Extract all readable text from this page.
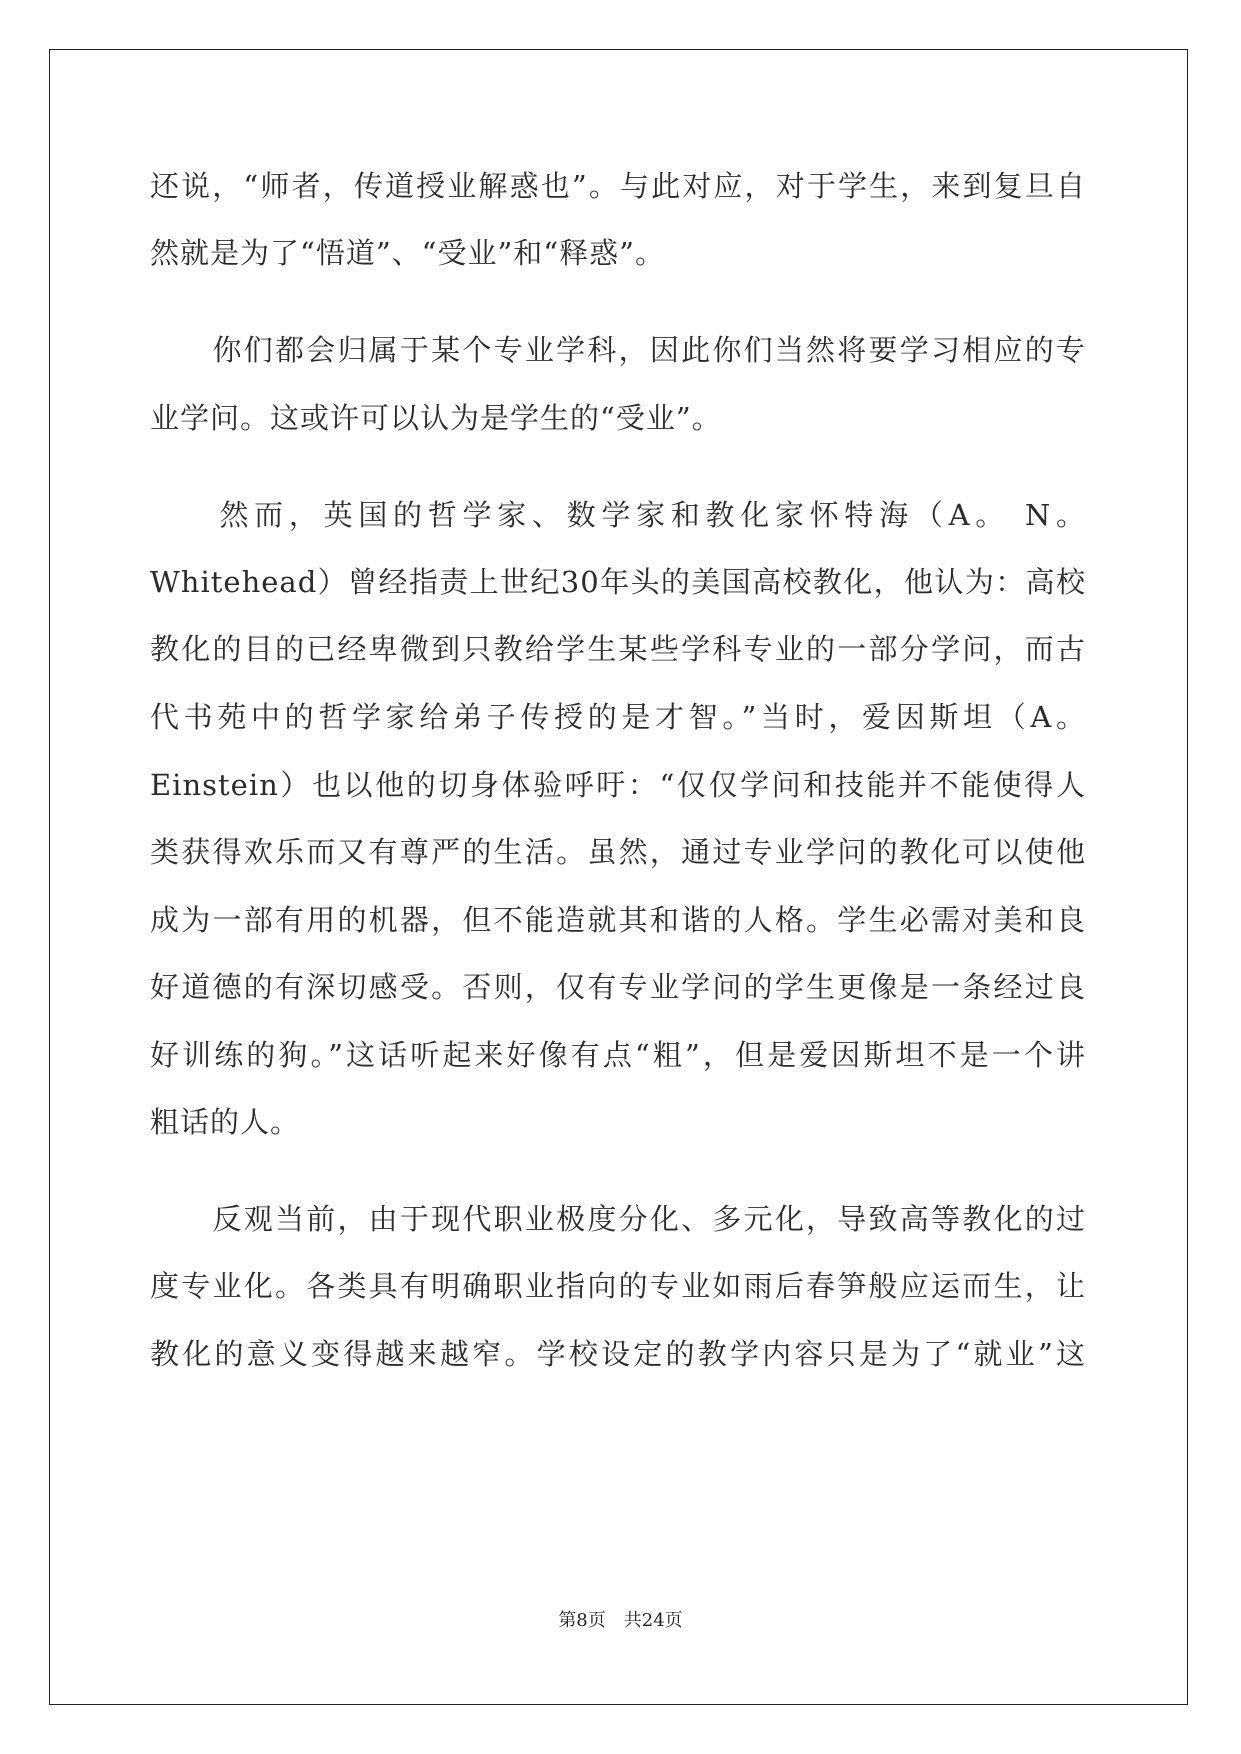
还说，“师者，传道授业解惑也”。与此对应，对于学生，来到复旦自
然就是为了“悟道”、“受业”和“释惑”。
　　你们都会归属于某个专业学科，因此你们当然将要学习相应的专
业学问。这或许可以认为是学生的“受业”。
　　然而，英国的哲学家、数学家和教化家怀特海（A。 N。
Whitehead）曾经指责上世纪30年头的美国高校教化，他认为：高校
教化的目的已经卑微到只教给学生某些学科专业的一部分学问，而古
代书苑中的哲学家给弟子传授的是才智。”当时，爱因斯坦（A。
Einstein）也以他的切身体验呼吁：“仅仅学问和技能并不能使得人
类获得欢乐而又有尊严的生活。虽然，通过专业学问的教化可以使他
成为一部有用的机器，但不能造就其和谐的人格。学生必需对美和良
好道德的有深切感受。否则，仅有专业学问的学生更像是一条经过良
好训练的狗。”这话听起来好像有点“粗”，但是爱因斯坦不是一个讲
粗话的人。
　　反观当前，由于现代职业极度分化、多元化，导致高等教化的过
度专业化。各类具有明确职业指向的专业如雨后春笋般应运而生，让
教化的意义变得越来越窄。学校设定的教学内容只是为了“就业”这
第8页 共24页
